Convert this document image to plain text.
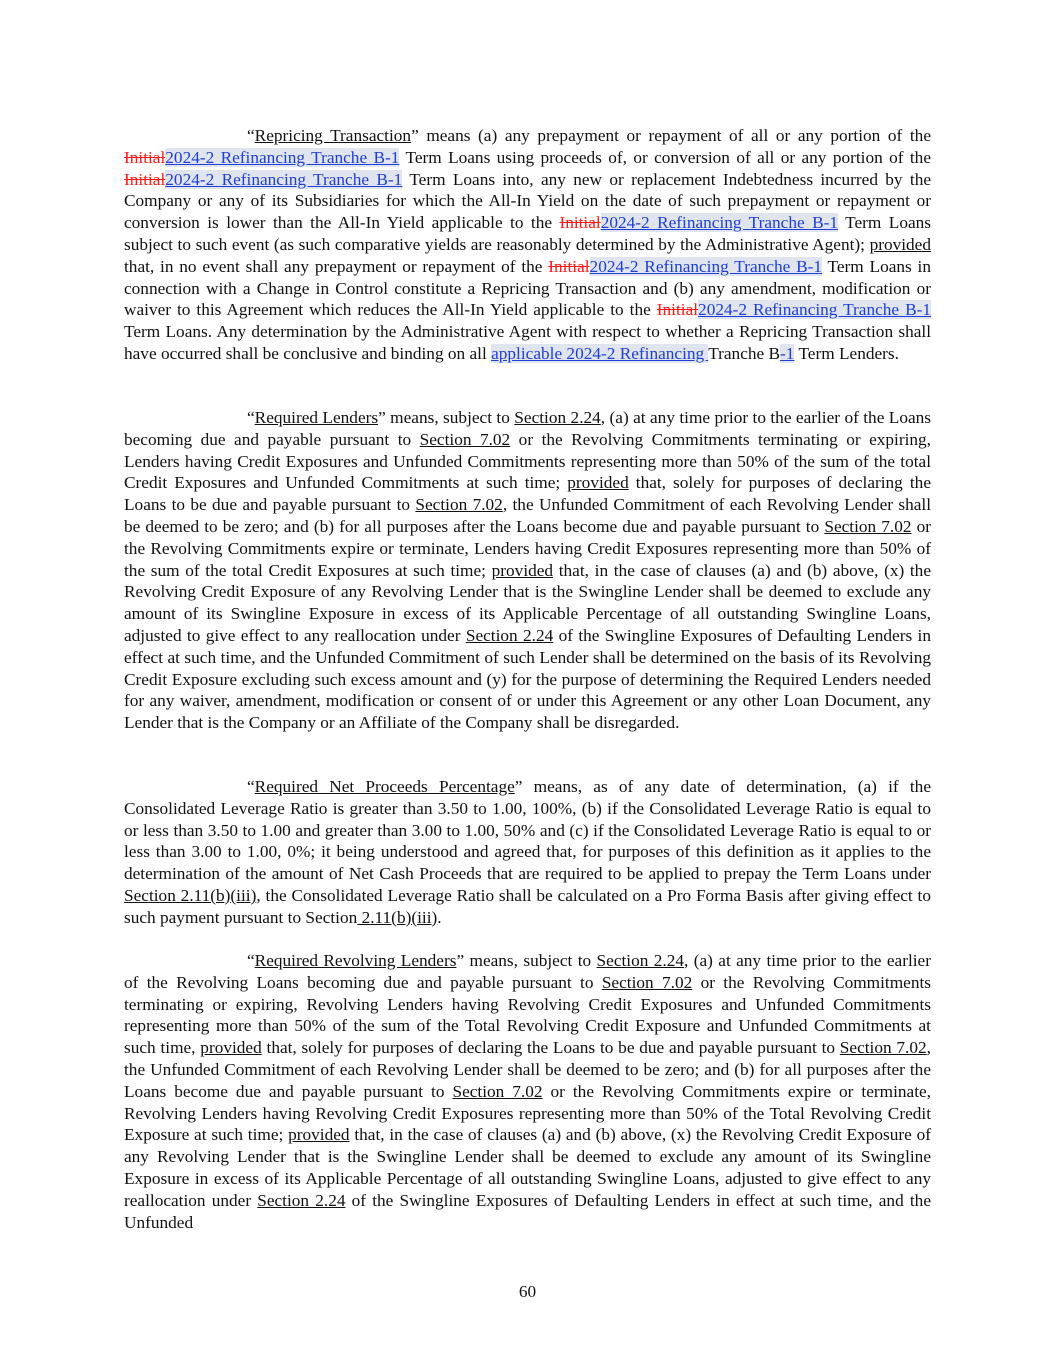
“Repricing Transaction” means (a) any prepayment or repayment of all or any portion of the Initial2024-2 Refinancing Tranche B-1 Term Loans using proceeds of, or conversion of all or any portion of the Initial2024-2 Refinancing Tranche B-1 Term Loans into, any new or replacement Indebtedness incurred by the Company or any of its Subsidiaries for which the All-In Yield on the date of such prepayment or repayment or conversion is lower than the All-In Yield applicable to the Initial2024-2 Refinancing Tranche B-1 Term Loans subject to such event (as such comparative yields are reasonably determined by the Administrative Agent); provided that, in no event shall any prepayment or repayment of the Initial2024-2 Refinancing Tranche B-1 Term Loans in connection with a Change in Control constitute a Repricing Transaction and (b) any amendment, modification or waiver to this Agreement which reduces the All-In Yield applicable to the Initial2024-2 Refinancing Tranche B-1 Term Loans. Any determination by the Administrative Agent with respect to whether a Repricing Transaction shall have occurred shall be conclusive and binding on all applicable 2024-2 Refinancing Tranche B-1 Term Lenders.

“Required Lenders” means, subject to Section 2.24, (a) at any time prior to the earlier of the Loans becoming due and payable pursuant to Section 7.02 or the Revolving Commitments terminating or expiring, Lenders having Credit Exposures and Unfunded Commitments representing more than 50% of the sum of the total Credit Exposures and Unfunded Commitments at such time; provided that, solely for purposes of declaring the Loans to be due and payable pursuant to Section 7.02, the Unfunded Commitment of each Revolving Lender shall be deemed to be zero; and (b) for all purposes after the Loans become due and payable pursuant to Section 7.02 or the Revolving Commitments expire or terminate, Lenders having Credit Exposures representing more than 50% of the sum of the total Credit Exposures at such time; provided that, in the case of clauses (a) and (b) above, (x) the Revolving Credit Exposure of any Revolving Lender that is the Swingline Lender shall be deemed to exclude any amount of its Swingline Exposure in excess of its Applicable Percentage of all outstanding Swingline Loans, adjusted to give effect to any reallocation under Section 2.24 of the Swingline Exposures of Defaulting Lenders in effect at such time, and the Unfunded Commitment of such Lender shall be determined on the basis of its Revolving Credit Exposure excluding such excess amount and (y) for the purpose of determining the Required Lenders needed for any waiver, amendment, modification or consent of or under this Agreement or any other Loan Document, any Lender that is the Company or an Affiliate of the Company shall be disregarded.

“Required Net Proceeds Percentage” means, as of any date of determination, (a) if the Consolidated Leverage Ratio is greater than 3.50 to 1.00, 100%, (b) if the Consolidated Leverage Ratio is equal to or less than 3.50 to 1.00 and greater than 3.00 to 1.00, 50% and (c) if the Consolidated Leverage Ratio is equal to or less than 3.00 to 1.00, 0%; it being understood and agreed that, for purposes of this definition as it applies to the determination of the amount of Net Cash Proceeds that are required to be applied to prepay the Term Loans under Section 2.11(b)(iii), the Consolidated Leverage Ratio shall be calculated on a Pro Forma Basis after giving effect to such payment pursuant to Section 2.11(b)(iii).

“Required Revolving Lenders” means, subject to Section 2.24, (a) at any time prior to the earlier of the Revolving Loans becoming due and payable pursuant to Section 7.02 or the Revolving Commitments terminating or expiring, Revolving Lenders having Revolving Credit Exposures and Unfunded Commitments representing more than 50% of the sum of the Total Revolving Credit Exposure and Unfunded Commitments at such time, provided that, solely for purposes of declaring the Loans to be due and payable pursuant to Section 7.02, the Unfunded Commitment of each Revolving Lender shall be deemed to be zero; and (b) for all purposes after the Loans become due and payable pursuant to Section 7.02 or the Revolving Commitments expire or terminate, Revolving Lenders having Revolving Credit Exposures representing more than 50% of the Total Revolving Credit Exposure at such time; provided that, in the case of clauses (a) and (b) above, (x) the Revolving Credit Exposure of any Revolving Lender that is the Swingline Lender shall be deemed to exclude any amount of its Swingline Exposure in excess of its Applicable Percentage of all outstanding Swingline Loans, adjusted to give effect to any reallocation under Section 2.24 of the Swingline Exposures of Defaulting Lenders in effect at such time, and the Unfunded

60
